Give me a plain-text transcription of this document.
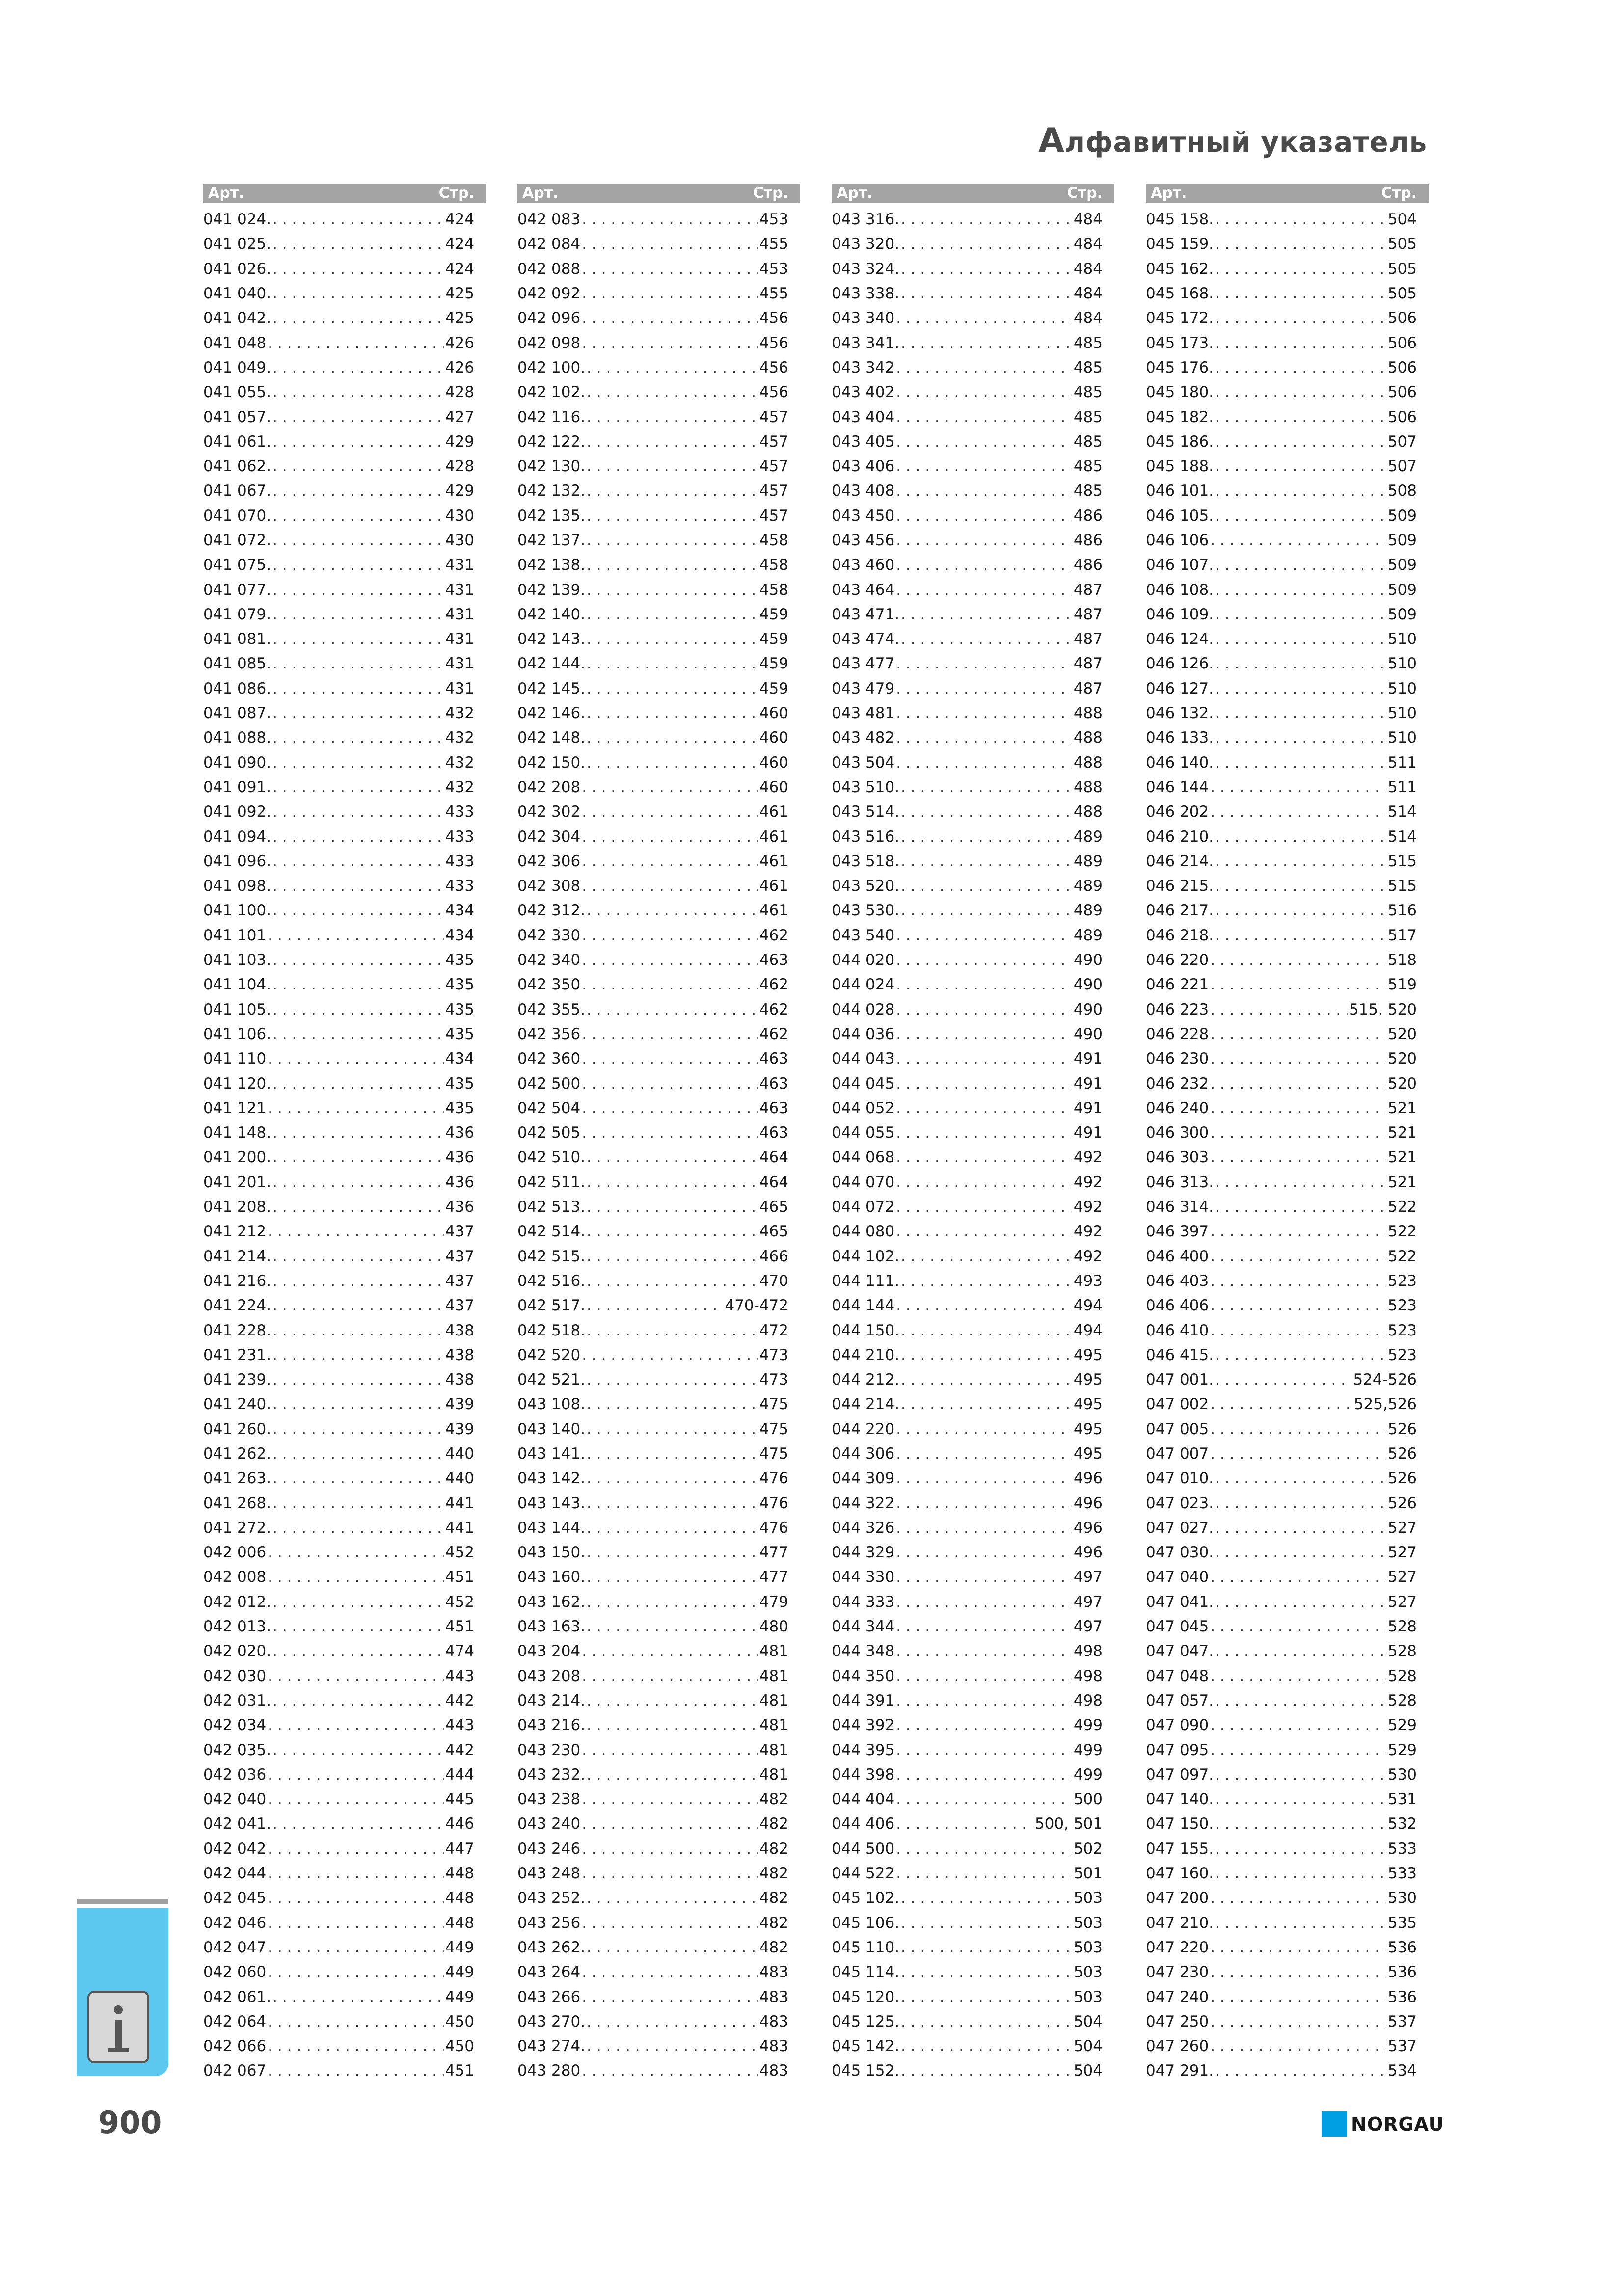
Алфавитный указатель
Арт.	Стр.
041 024. . . .	424
041 025. . . .	424
041 026. . . .	424
041 040. . . .	425
041 042. . . .	425
041 048 . . .	426
041 049. . . .	426
041 055. . . .	428
041 057. . . .	427
041 061. . . .	429
041 062. . . .	428
041 067. . . .	429
041 070. . . .	430
041 072. . . .	430
041 075. . . .	431
041 077. . . .	431
041 079. . . .	431
041 081. . . .	431
041 085. . . .	431
041 086. . . .	431
041 087. . . .	432
041 088. . . .	432
041 090. . . .	432
041 091. . . .	432
041 092. . . .	433
041 094. . . .	433
041 096. . . .	433
041 098. . . .	433
041 100. . . .	434
041 101 . . .	434
041 103. . . .	435
041 104. . . .	435
041 105. . . .	435
041 106. . . .	435
041 110 . . .	434
041 120. . . .	435
041 121 . . .	435
041 148. . . .	436
041 200. . . .	436
041 201. . . .	436
041 208. . . .	436
041 212 . . .	437
041 214. . . .	437
041 216. . . .	437
041 224. . . .	437
041 228. . . .	438
041 231. . . .	438
041 239. . . .	438
041 240. . . .	439
041 260. . . .	439
041 262. . . .	440
041 263. . . .	440
041 268. . . .	441
041 272. . . .	441
042 006 . . .	452
042 008 . . .	451
042 012. . . .	452
042 013. . . .	451
042 020. . . .	474
042 030 . . .	443
042 031. . . .	442
042 034 . . .	443
042 035. . . .	442
042 036 . . .	444
042 040 . . .	445
042 041. . . .	446
042 042 . . .	447
042 044 . . .	448
042 045 . . .	448
042 046 . . .	448
042 047 . . .	449
042 060 . . .	449
042 061. . . .	449
042 064 . . .	450
042 066 . . .	450
042 067 . . .	451
Арт.	Стр.
042 083 . . .	453
042 084 . . .	455
042 088 . . .	453
042 092 . . .	455
042 096 . . .	456
042 098 . . .	456
042 100. . . .	456
042 102. . . .	456
042 116. . . .	457
042 122. . . .	457
042 130. . . .	457
042 132. . . .	457
042 135. . . .	457
042 137. . . .	458
042 138. . . .	458
042 139. . . .	458
042 140. . . .	459
042 143. . . .	459
042 144. . . .	459
042 145. . . .	459
042 146. . . .	460
042 148. . . .	460
042 150. . . .	460
042 208 . . .	460
042 302 . . .	461
042 304 . . .	461
042 306 . . .	461
042 308 . . .	461
042 312. . . .	461
042 330 . . .	462
042 340 . . .	463
042 350 . . .	462
042 355. . . .	462
042 356 . . .	462
042 360 . . .	463
042 500 . . .	463
042 504 . . .	463
042 505 . . .	463
042 510. . . .	464
042 511. . . .	464
042 513. . . .	465
042 514. . . .	465
042 515. . . .	466
042 516. . . .	470
042 517. . . .	470-472
042 518. . . .	472
042 520 . . .	473
042 521. . . .	473
043 108. . . .	475
043 140. . . .	475
043 141. . . .	475
043 142. . . .	476
043 143. . . .	476
043 144. . . .	476
043 150. . . .	477
043 160. . . .	477
043 162. . . .	479
043 163. . . .	480
043 204 . . .	481
043 208 . . .	481
043 214. . . .	481
043 216. . . .	481
043 230 . . .	481
043 232. . . .	481
043 238 . . .	482
043 240 . . .	482
043 246 . . .	482
043 248 . . .	482
043 252. . . .	482
043 256 . . .	482
043 262. . . .	482
043 264 . . .	483
043 266 . . .	483
043 270. . . .	483
043 274. . . .	483
043 280 . . .	483
Арт.	Стр.
043 316. . . .	484
043 320. . . .	484
043 324. . . .	484
043 338. . . .	484
043 340 . . .	484
043 341. . . .	485
043 342 . . .	485
043 402 . . .	485
043 404 . . .	485
043 405 . . .	485
043 406 . . .	485
043 408 . . .	485
043 450 . . .	486
043 456 . . .	486
043 460 . . .	486
043 464 . . .	487
043 471. . . .	487
043 474. . . .	487
043 477 . . .	487
043 479 . . .	487
043 481 . . .	488
043 482 . . .	488
043 504 . . .	488
043 510. . . .	488
043 514. . . .	488
043 516. . . .	489
043 518. . . .	489
043 520. . . .	489
043 530. . . .	489
043 540 . . .	489
044 020 . . .	490
044 024 . . .	490
044 028 . . .	490
044 036 . . .	490
044 043 . . .	491
044 045 . . .	491
044 052 . . .	491
044 055 . . .	491
044 068 . . .	492
044 070 . . .	492
044 072 . . .	492
044 080 . . .	492
044 102. . . .	492
044 111. . . .	493
044 144 . . .	494
044 150. . . .	494
044 210. . . .	495
044 212. . . .	495
044 214. . . .	495
044 220 . . .	495
044 306 . . .	495
044 309 . . .	496
044 322 . . .	496
044 326 . . .	496
044 329 . . .	496
044 330 . . .	497
044 333 . . .	497
044 344 . . .	497
044 348 . . .	498
044 350 . . .	498
044 391 . . .	498
044 392 . . .	499
044 395 . . .	499
044 398 . . .	499
044 404 . . .	500
044 406 . . .	500, 501
044 500 . . .	502
044 522 . . .	501
045 102. . . .	503
045 106. . . .	503
045 110. . . .	503
045 114. . . .	503
045 120. . . .	503
045 125. . . .	504
045 142. . . .	504
045 152. . . .	504
Арт.	Стр.
045 158. . . .	504
045 159. . . .	505
045 162. . . .	505
045 168. . . .	505
045 172. . . .	506
045 173. . . .	506
045 176. . . .	506
045 180. . . .	506
045 182. . . .	506
045 186. . . .	507
045 188. . . .	507
046 101. . . .	508
046 105. . . .	509
046 106 . . .	509
046 107. . . .	509
046 108. . . .	509
046 109. . . .	509
046 124. . . .	510
046 126. . . .	510
046 127. . . .	510
046 132. . . .	510
046 133. . . .	510
046 140. . . .	511
046 144 . . .	511
046 202 . . .	514
046 210. . . .	514
046 214. . . .	515
046 215. . . .	515
046 217. . . .	516
046 218. . . .	517
046 220 . . .	518
046 221 . . .	519
046 223 . . .	515, 520
046 228 . . .	520
046 230 . . .	520
046 232 . . .	520
046 240 . . .	521
046 300 . . .	521
046 303 . . .	521
046 313. . . .	521
046 314. . . .	522
046 397 . . .	522
046 400 . . .	522
046 403 . . .	523
046 406 . . .	523
046 410 . . .	523
046 415. . . .	523
047 001. . . .	524-526
047 002 . . .	525,526
047 005 . . .	526
047 007 . . .	526
047 010. . . .	526
047 023. . . .	526
047 027. . . .	527
047 030. . . .	527
047 040 . . .	527
047 041. . . .	527
047 045 . . .	528
047 047. . . .	528
047 048 . . .	528
047 057. . . .	528
047 090 . . .	529
047 095 . . .	529
047 097. . . .	530
047 140. . . .	531
047 150. . . .	532
047 155. . . .	533
047 160. . . .	533
047 200 . . .	530
047 210. . . .	535
047 220 . . .	536
047 230 . . .	536
047 240 . . .	536
047 250 . . .	537
047 260 . . .	537
047 291. . . .	534
900	NORGAU
